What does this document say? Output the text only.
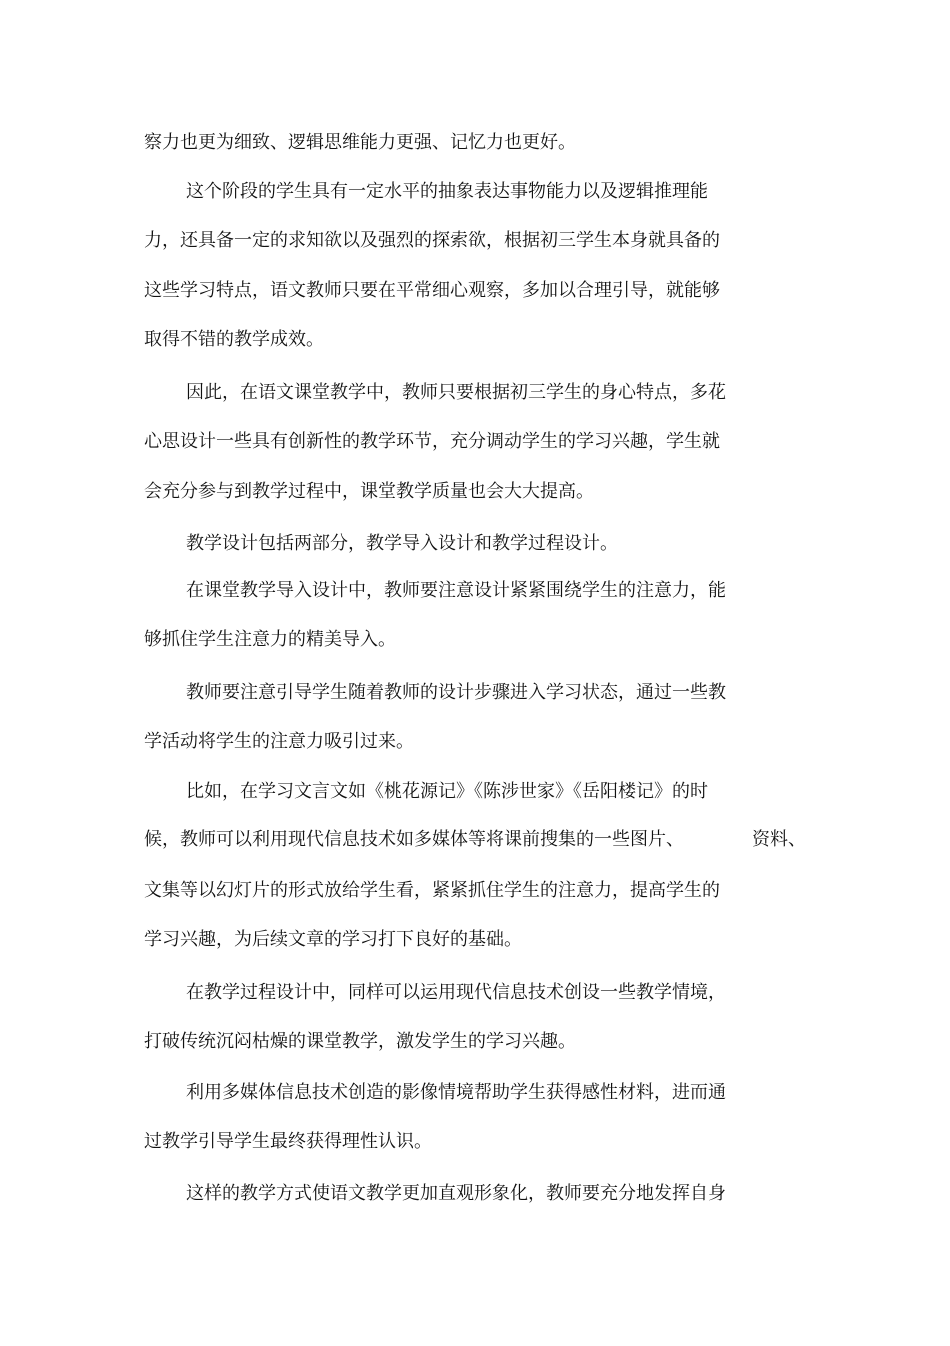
察力也更为细致、逻辑思维能力更强、记忆力也更好。
这个阶段的学生具有一定水平的抽象表达事物能力以及逻辑推理能
力，还具备一定的求知欲以及强烈的探索欲，根据初三学生本身就具备的
这些学习特点，语文教师只要在平常细心观察，多加以合理引导，就能够
取得不错的教学成效。
因此，在语文课堂教学中，教师只要根据初三学生的身心特点，多花
心思设计一些具有创新性的教学环节，充分调动学生的学习兴趣，学生就
会充分参与到教学过程中，课堂教学质量也会大大提高。
教学设计包括两部分，教学导入设计和教学过程设计。
在课堂教学导入设计中，教师要注意设计紧紧围绕学生的注意力，能
够抓住学生注意力的精美导入。
教师要注意引导学生随着教师的设计步骤进入学习状态，通过一些教
学活动将学生的注意力吸引过来。
比如，在学习文言文如《桃花源记》《陈涉世家》《岳阳楼记》的时
候，教师可以利用现代信息技术如多媒体等将课前搜集的一些图片、	资料、
文集等以幻灯片的形式放给学生看，紧紧抓住学生的注意力，提高学生的
学习兴趣，为后续文章的学习打下良好的基础。
在教学过程设计中，同样可以运用现代信息技术创设一些教学情境，
打破传统沉闷枯燥的课堂教学，激发学生的学习兴趣。
利用多媒体信息技术创造的影像情境帮助学生获得感性材料，进而通
过教学引导学生最终获得理性认识。
这样的教学方式使语文教学更加直观形象化，教师要充分地发挥自身
